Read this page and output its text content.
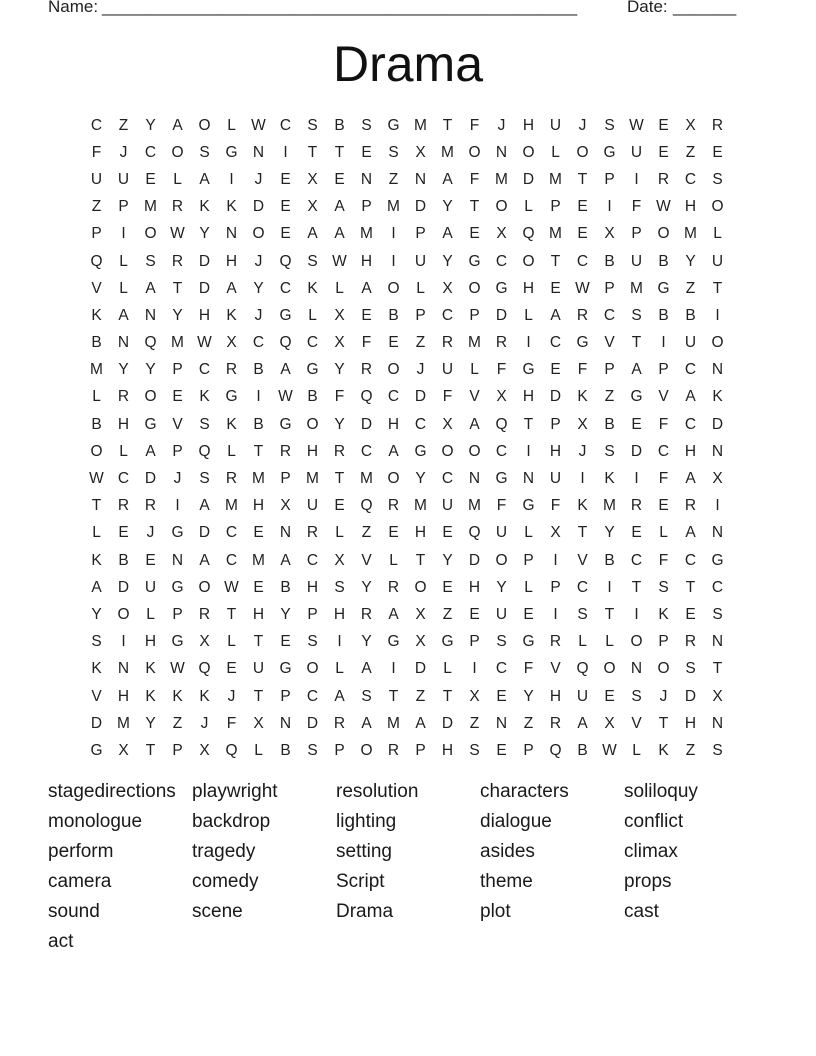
Name: _____________________________________________________	Date: _______
Drama
C	Z	Y	A	O	L W C	S	B	S	G M	T	F	J	H	U	J	S W E	X	R
F	J	C O	S	G N	I	T	T	E	S	X M O N O	L	O G U	E	Z	E
U	U	E	L	A	I	J	E	X	E	N	Z	N	A	F	M D M	T	P	I	R	C	S
Z	P M R	K	K	D	E	X	A	P M D	Y	T	O	L	P	E	I	F W H O
P	I	O W Y	N O	E	A	A M	I	P	A	E	X	Q M E	X	P	O M	L
Q	L	S	R	D	H	J	Q	S W H	I	U	Y	G C O	T	C	B	U	B	Y	U
V	L	A	T	D	A	Y	C	K	L	A	O	L	X	O G H	E W P M G	Z	T
K	A	N	Y	H	K	J	G	L	X	E	B	P	C	P	D	L	A	R	C	S	B	B	I
B	N Q M W X	C Q C	X	F	E	Z	R M R	I	C G	V	T	I	U O
M Y	Y	P	C	R	B	A	G	Y	R O	J	U	L	F	G	E	F	P	A	P	C	N
L	R O	E	K	G	I	W B	F	Q C	D	F	V	X	H	D	K	Z	G	V	A	K
B	H G	V	S	K	B	G O	Y	D	H	C	X	A	Q	T	P	X	B	E	F	C	D
O	L	A	P	Q	L	T	R	H	R	C	A	G O O C	I	H	J	S	D	C	H	N
W C	D	J	S	R M P M	T	M O	Y	C	N G N	U	I	K	I	F	A	X
T	R	R	I	A M H	X	U	E	Q R M U M	F	G	F	K M R	E	R	I
L	E	J	G D	C	E	N	R	L	Z	E	H	E	Q U	L	X	T	Y	E	L	A	N
K	B	E	N	A	C M A	C	X	V	L	T	Y	D O	P	I	V	B	C	F	C G
A	D	U G O W E	B	H	S	Y	R O	E	H	Y	L	P	C	I	T	S	T	C
Y	O	L	P	R	T	H	Y	P	H	R	A	X	Z	E	U	E	I	S	T	I	K	E	S
S	I	H G	X	L	T	E	S	I	Y	G	X	G	P	S	G R	L	L	O	P	R	N
K	N	K W Q	E	U G O	L	A	I	D	L	I	C	F	V	Q O N O	S	T
V	H	K	K	K	J	T	P	C	A	S	T	Z	T	X	E	Y	H	U	E	S	J	D	X
D M Y	Z	J	F	X	N	D	R	A M A	D	Z	N	Z	R	A	X	V	T	H	N
G	X	T	P	X	Q	L	B	S	P	O R	P	H	S	E	P	Q	B W L	K	Z	S
stagedirections playwright	resolution	characters	soliloquy
monologue	backdrop	lighting	dialogue	conflict
perform	tragedy	setting	asides	climax
camera	comedy	Script	theme	props
sound	scene	Drama	plot	cast
act
